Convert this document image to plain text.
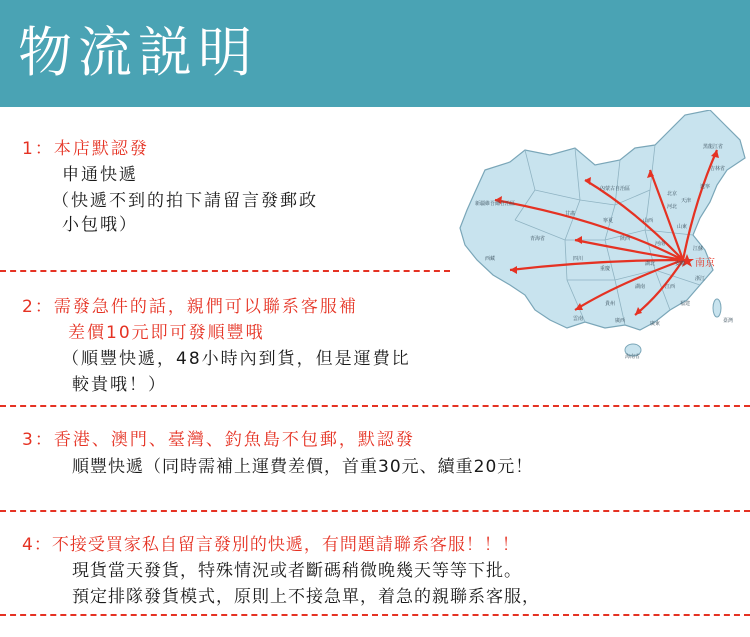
物流説明
南京
黑龍江省
吉林省
遼寧
內蒙古自治區
新疆維吾爾自治區
甘肅
青海省
西藏	四川
重慶
雲南
貴州
廣西	廣東
福建
浙江
江蘇
山東
河北
北京
天津
山西
陝西
河南
湖北
湖南	江西
安徽
寧夏
海南省
臺灣
1：本店默認發
申通快遞
（快遞不到的拍下請留言發郵政
小包哦）
2：需發急件的話，親們可以聯系客服補
差價10元即可發順豐哦
（順豐快遞，48小時內到貨，但是運費比
較貴哦！）
3：香港、澳門、臺灣、釣魚島不包郵，默認發
順豐快遞（同時需補上運費差價，首重30元、續重20元！
4：不接受買家私自留言發別的快遞，有問題請聯系客服！！！
現貨當天發貨，特殊情況或者斷碼稍微晚幾天等等下批。
預定排隊發貨模式，原則上不接急單，着急的親聯系客服，
